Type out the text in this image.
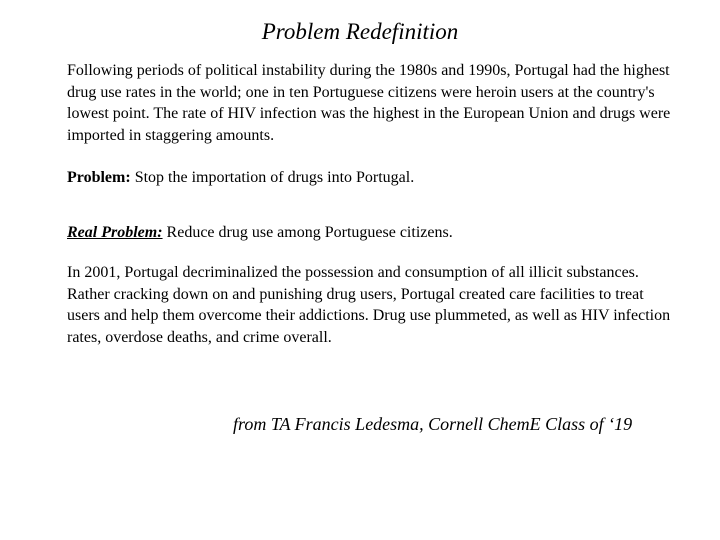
Problem Redefinition
Following periods of political instability during the 1980s and 1990s, Portugal had the highest drug use rates in the world; one in ten Portuguese citizens were heroin users at the country's lowest point. The rate of HIV infection was the highest in the European Union and drugs were imported in staggering amounts.
Problem: Stop the importation of drugs into Portugal.
Real Problem: Reduce drug use among Portuguese citizens.
In 2001, Portugal decriminalized the possession and consumption of all illicit substances. Rather cracking down on and punishing drug users, Portugal created care facilities to treat users and help them overcome their addictions. Drug use plummeted, as well as HIV infection rates, overdose deaths, and crime overall.
from TA Francis Ledesma, Cornell ChemE Class of ‘19
